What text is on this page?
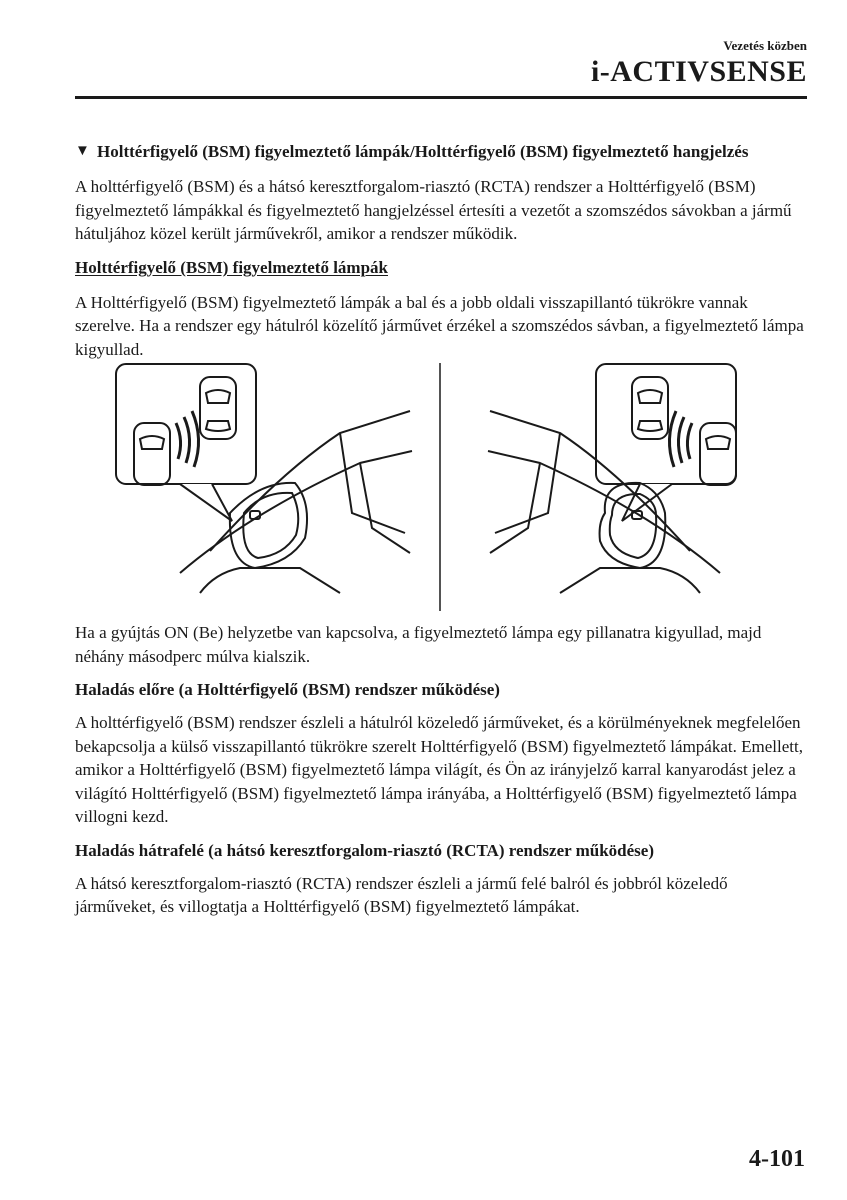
Vezetés közben
i-ACTIVSENSE
▼ Holttérfigyelő (BSM) figyelmeztető lámpák/Holttérfigyelő (BSM) figyelmeztető hangjelzés

A holttérfigyelő (BSM) és a hátsó keresztforgalom-riasztó (RCTA) rendszer a Holttérfigyelő (BSM) figyelmeztető lámpákkal és figyelmeztető hangjelzéssel értesíti a vezetőt a szomszédos sávokban a jármű hátuljához közel került járművekről, amikor a rendszer működik.

Holttérfigyelő (BSM) figyelmeztető lámpák

A Holttérfigyelő (BSM) figyelmeztető lámpák a bal és a jobb oldali visszapillantó tükrökre vannak szerelve. Ha a rendszer egy hátulról közelítő járművet érzékel a szomszédos sávban, a figyelmeztető lámpa kigyullad.

Ha a gyújtás ON (Be) helyzetbe van kapcsolva, a figyelmeztető lámpa egy pillanatra kigyullad, majd néhány másodperc múlva kialszik.

Haladás előre (a Holttérfigyelő (BSM) rendszer működése)

A holttérfigyelő (BSM) rendszer észleli a hátulról közeledő járműveket, és a körülményeknek megfelelően bekapcsolja a külső visszapillantó tükrökre szerelt Holttérfigyelő (BSM) figyelmeztető lámpákat. Emellett, amikor a Holttérfigyelő (BSM) figyelmeztető lámpa világít, és Ön az irányjelző karral kanyarodást jelez a világító Holttérfigyelő (BSM) figyelmeztető lámpa irányába, a Holttérfigyelő (BSM) figyelmeztető lámpa villogni kezd.

Haladás hátrafelé (a hátsó keresztforgalom-riasztó (RCTA) rendszer működése)

A hátsó keresztforgalom-riasztó (RCTA) rendszer észleli a jármű felé balról és jobbról közeledő járműveket, és villogtatja a Holttérfigyelő (BSM) figyelmeztető lámpákat.

4-101
